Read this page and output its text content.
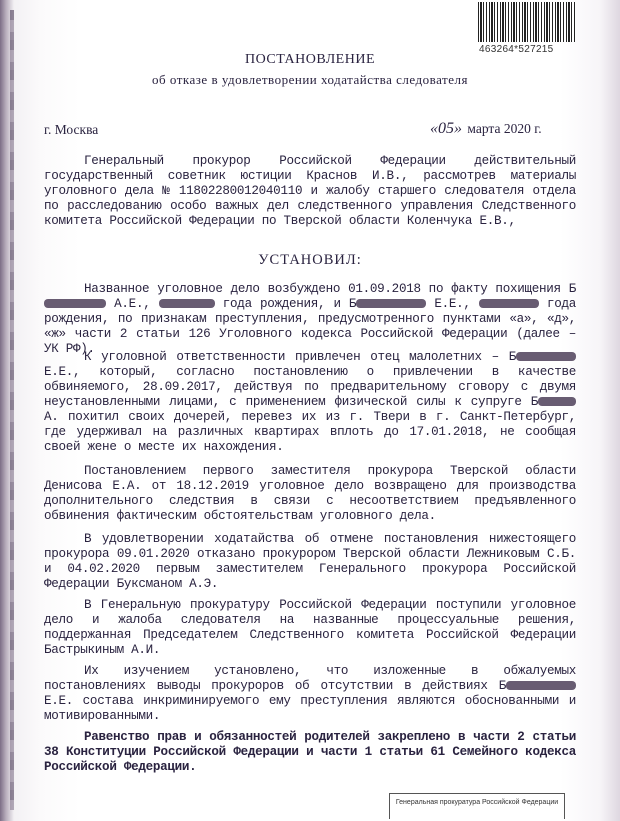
463264*527215
ПОСТАНОВЛЕНИЕ
об отказе в удовлетворении ходатайства следователя
г. Москва	«05» марта 2020 г.
Генеральный прокурор Российской Федерации действительный государственный советник юстиции Краснов И.В., рассмотрев материалы уголовного дела № 11802280012040110 и жалобу старшего следователя отдела по расследованию особо важных дел следственного управления Следственного комитета Российской Федерации по Тверской области Коленчука Е.В.,
УСТАНОВИЛ:
Названное уголовное дело возбуждено 01.09.2018 по факту похищения Б А.Е.,	года рождения, и Б	Е.Е.,	года рождения, по признакам преступления, предусмотренного пунктами «а», «д», «ж» части 2 статьи 126 Уголовного кодекса Российской Федерации (далее – УК РФ).
К уголовной ответственности привлечен отец малолетних – Б Е.Е., который, согласно постановлению о привлечении в качестве обвиняемого, 28.09.2017, действуя по предварительному сговору с двумя неустановленными лицами, с применением физической силы к супруге Б А. похитил своих дочерей, перевез их из г. Твери в г. Санкт-Петербург, где удерживал на различных квартирах вплоть до 17.01.2018, не сообщая своей жене о месте их нахождения.
Постановлением первого заместителя прокурора Тверской области Денисова Е.А. от 18.12.2019 уголовное дело возвращено для производства дополнительного следствия в связи с несоответствием предъявленного обвинения фактическим обстоятельствам уголовного дела.
В удовлетворении ходатайства об отмене постановления нижестоящего прокурора 09.01.2020 отказано прокурором Тверской области Лежниковым С.Б. и 04.02.2020 первым заместителем Генерального прокурора Российской Федерации Буксманом А.Э.
В Генеральную прокуратуру Российской Федерации поступили уголовное дело и жалоба следователя на названные процессуальные решения, поддержанная Председателем Следственного комитета Российской Федерации Бастрыкиным А.И.
Их изучением установлено, что изложенные в обжалуемых постановлениях выводы прокуроров об отсутствии в действиях Б Е.Е. состава инкриминируемого ему преступления являются обоснованными и мотивированными.
Равенство прав и обязанностей родителей закреплено в части 2 статьи 38 Конституции Российской Федерации и части 1 статьи 61 Семейного кодекса Российской Федерации.
Генеральная прокуратура Российской Федерации
